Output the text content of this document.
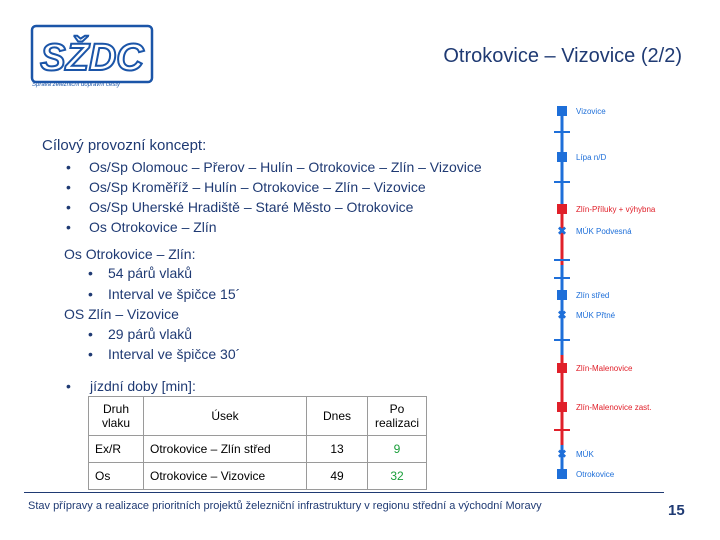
SŽDC
Správa železniční dopravní cesty
Otrokovice – Vizovice (2/2)
Cílový provozní koncept:
• Os/Sp Olomouc – Přerov – Hulín – Otrokovice – Zlín – Vizovice
• Os/Sp Kroměříž – Hulín – Otrokovice – Zlín – Vizovice
• Os/Sp Uherské Hradiště – Staré Město – Otrokovice
• Os Otrokovice – Zlín
Os Otrokovice – Zlín:
• 54 párů vlaků
• Interval ve špičce 15´
OS Zlín – Vizovice
• 29 párů vlaků
• Interval ve špičce 30´
• jízdní doby [min]:
Druh vlaku	Úsek	Dnes	Po realizaci
Ex/R	Otrokovice – Zlín střed	13	9
Os	Otrokovice – Vizovice	49	32
Vizovice
Lípa n/D
Zlín-Příluky + výhybna
✖ MÚK Podvesná
Zlín střed
✖ MÚK Přtné
Zlín-Malenovice
Zlín-Malenovice zast.
✖ MÚK
Otrokovice
Stav přípravy a realizace prioritních projektů železniční infrastruktury v regionu střední a východní Moravy	15
